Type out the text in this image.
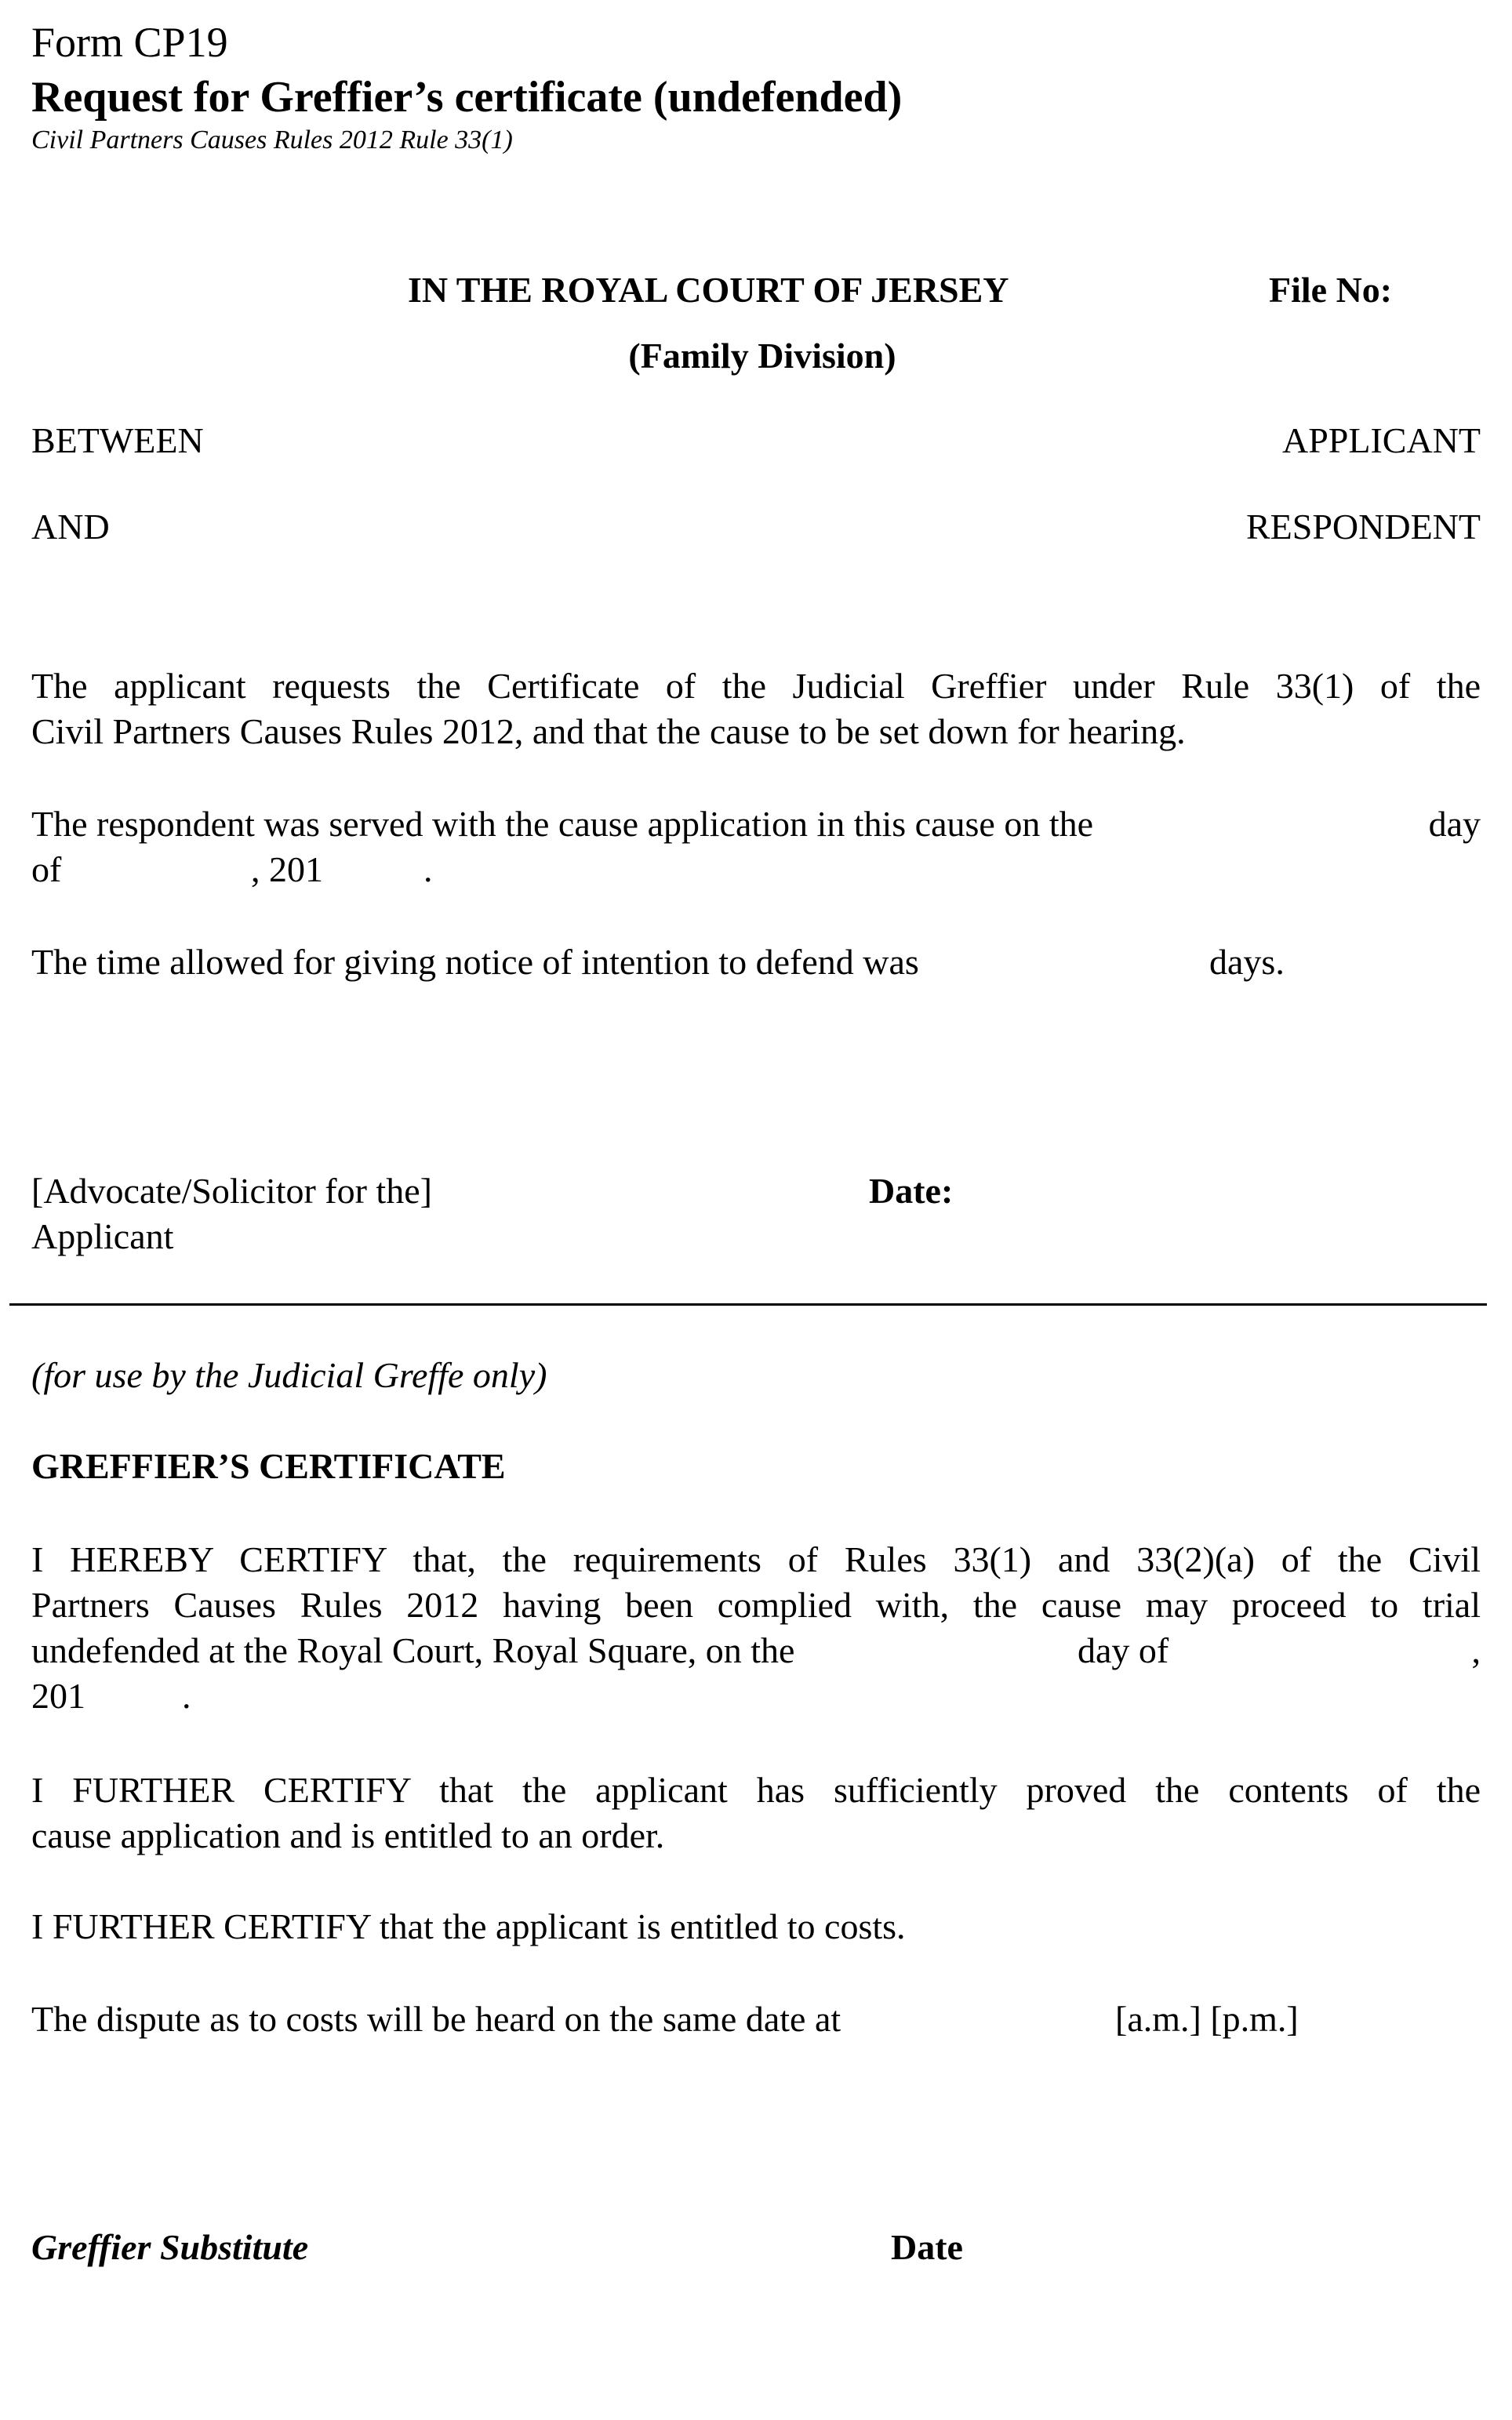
Form CP19
Request for Greffier’s certificate (undefended)
Civil Partners Causes Rules 2012 Rule 33(1)
IN THE ROYAL COURT OF JERSEY	File No:
(Family Division)
BETWEEN	APPLICANT
AND	RESPONDENT
The applicant requests the Certificate of the Judicial Greffier under Rule 33(1) of the
Civil Partners Causes Rules 2012, and that the cause to be set down for hearing.
The respondent was served with the cause application in this cause on the	day
of	, 201	.
The time allowed for giving notice of intention to defend was	days.
[Advocate/Solicitor for the]
Applicant
Date:
(for use by the Judicial Greffe only)
GREFFIER’S CERTIFICATE
I HEREBY CERTIFY that, the requirements of Rules 33(1) and 33(2)(a) of the Civil
Partners Causes Rules 2012 having been complied with, the cause may proceed to trial
undefended at the Royal Court, Royal Square, on the	day of	,
201	.
I FURTHER CERTIFY that the applicant has sufficiently proved the contents of the
cause application and is entitled to an order.
I FURTHER CERTIFY that the applicant is entitled to costs.
The dispute as to costs will be heard on the same date at	[a.m.] [p.m.]
Greffier Substitute	Date
